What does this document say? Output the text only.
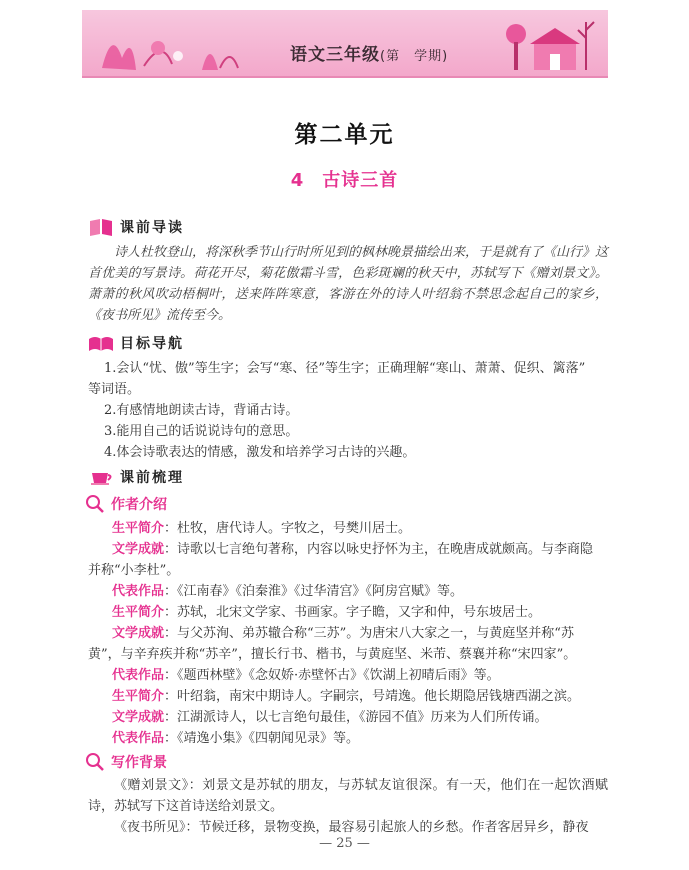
语文三年级(第　学期)
第二单元
4 古诗三首
课前导读
诗人杜牧登山，将深秋季节山行时所见到的枫林晚景描绘出来，于是就有了《山行》这首优美的写景诗。荷花开尽，菊花傲霜斗雪，色彩斑斓的秋天中，苏轼写下《赠刘景文》。萧萧的秋风吹动梧桐叶，送来阵阵寒意，客游在外的诗人叶绍翁不禁思念起自己的家乡，《夜书所见》流传至今。
目标导航
1.会认“忧、傲”等生字；会写“寒、径”等生字；正确理解“寒山、萧萧、促织、篱落”
等词语。
2.有感情地朗读古诗，背诵古诗。
3.能用自己的话说说诗句的意思。
4.体会诗歌表达的情感，激发和培养学习古诗的兴趣。
课前梳理
作者介绍
生平简介：杜牧，唐代诗人。字牧之，号樊川居士。
文学成就：诗歌以七言绝句著称，内容以咏史抒怀为主，在晚唐成就颇高。与李商隐
并称“小李杜”。
代表作品：《江南春》《泊秦淮》《过华清宫》《阿房宫赋》等。
生平简介：苏轼，北宋文学家、书画家。字子瞻，又字和仲，号东坡居士。
文学成就：与父苏洵、弟苏辙合称“三苏”。为唐宋八大家之一，与黄庭坚并称“苏
黄”，与辛弃疾并称“苏辛”，擅长行书、楷书，与黄庭坚、米芾、蔡襄并称“宋四家”。
代表作品：《题西林壁》《念奴娇·赤壁怀古》《饮湖上初晴后雨》等。
生平简介：叶绍翁，南宋中期诗人。字嗣宗，号靖逸。他长期隐居钱塘西湖之滨。
文学成就：江湖派诗人，以七言绝句最佳，《游园不值》历来为人们所传诵。
代表作品：《靖逸小集》《四朝闻见录》等。
写作背景
《赠刘景文》：刘景文是苏轼的朋友，与苏轼友谊很深。有一天，他们在一起饮酒赋诗，苏轼写下这首诗送给刘景文。
《夜书所见》：节候迁移，景物变换，最容易引起旅人的乡愁。作者客居异乡，静夜
— 25 —
